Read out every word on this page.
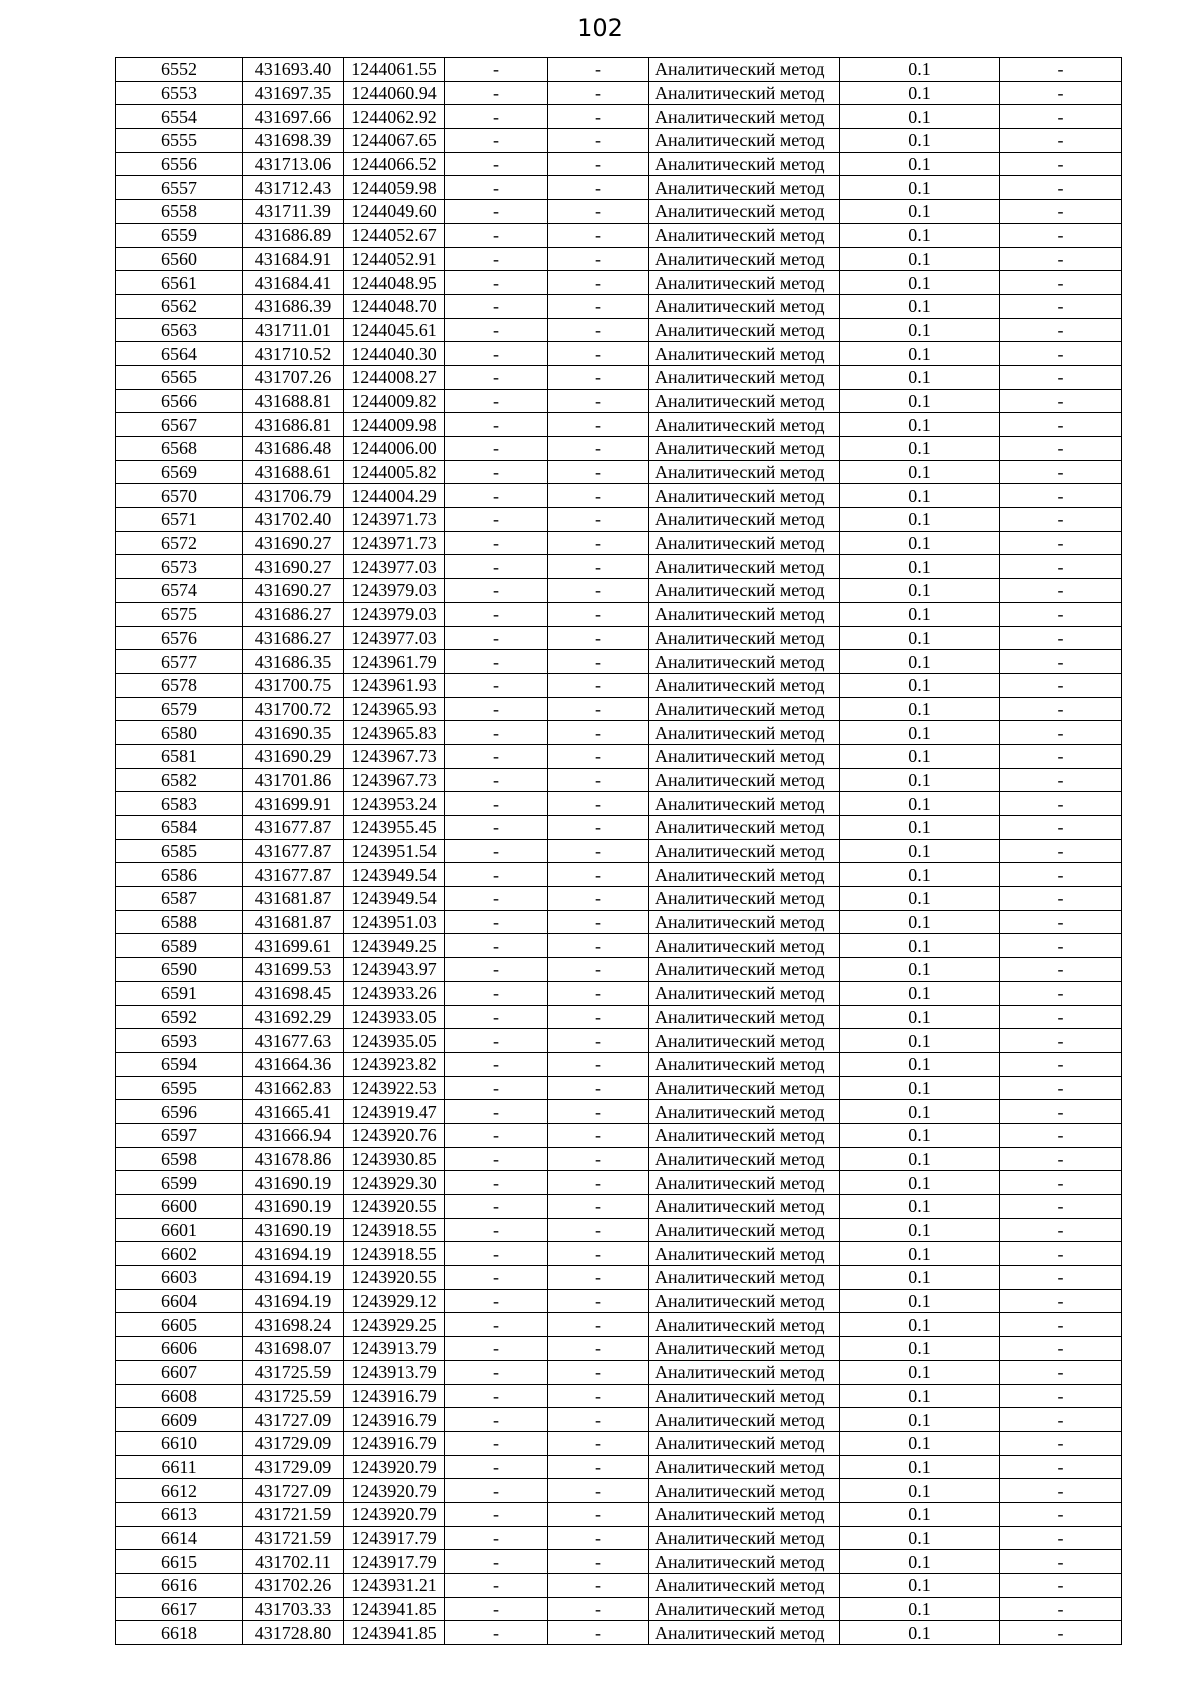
102
6552	431693.40	1244061.55	-	-	Аналитический метод	0.1	-
6553	431697.35	1244060.94	-	-	Аналитический метод	0.1	-
6554	431697.66	1244062.92	-	-	Аналитический метод	0.1	-
6555	431698.39	1244067.65	-	-	Аналитический метод	0.1	-
6556	431713.06	1244066.52	-	-	Аналитический метод	0.1	-
6557	431712.43	1244059.98	-	-	Аналитический метод	0.1	-
6558	431711.39	1244049.60	-	-	Аналитический метод	0.1	-
6559	431686.89	1244052.67	-	-	Аналитический метод	0.1	-
6560	431684.91	1244052.91	-	-	Аналитический метод	0.1	-
6561	431684.41	1244048.95	-	-	Аналитический метод	0.1	-
6562	431686.39	1244048.70	-	-	Аналитический метод	0.1	-
6563	431711.01	1244045.61	-	-	Аналитический метод	0.1	-
6564	431710.52	1244040.30	-	-	Аналитический метод	0.1	-
6565	431707.26	1244008.27	-	-	Аналитический метод	0.1	-
6566	431688.81	1244009.82	-	-	Аналитический метод	0.1	-
6567	431686.81	1244009.98	-	-	Аналитический метод	0.1	-
6568	431686.48	1244006.00	-	-	Аналитический метод	0.1	-
6569	431688.61	1244005.82	-	-	Аналитический метод	0.1	-
6570	431706.79	1244004.29	-	-	Аналитический метод	0.1	-
6571	431702.40	1243971.73	-	-	Аналитический метод	0.1	-
6572	431690.27	1243971.73	-	-	Аналитический метод	0.1	-
6573	431690.27	1243977.03	-	-	Аналитический метод	0.1	-
6574	431690.27	1243979.03	-	-	Аналитический метод	0.1	-
6575	431686.27	1243979.03	-	-	Аналитический метод	0.1	-
6576	431686.27	1243977.03	-	-	Аналитический метод	0.1	-
6577	431686.35	1243961.79	-	-	Аналитический метод	0.1	-
6578	431700.75	1243961.93	-	-	Аналитический метод	0.1	-
6579	431700.72	1243965.93	-	-	Аналитический метод	0.1	-
6580	431690.35	1243965.83	-	-	Аналитический метод	0.1	-
6581	431690.29	1243967.73	-	-	Аналитический метод	0.1	-
6582	431701.86	1243967.73	-	-	Аналитический метод	0.1	-
6583	431699.91	1243953.24	-	-	Аналитический метод	0.1	-
6584	431677.87	1243955.45	-	-	Аналитический метод	0.1	-
6585	431677.87	1243951.54	-	-	Аналитический метод	0.1	-
6586	431677.87	1243949.54	-	-	Аналитический метод	0.1	-
6587	431681.87	1243949.54	-	-	Аналитический метод	0.1	-
6588	431681.87	1243951.03	-	-	Аналитический метод	0.1	-
6589	431699.61	1243949.25	-	-	Аналитический метод	0.1	-
6590	431699.53	1243943.97	-	-	Аналитический метод	0.1	-
6591	431698.45	1243933.26	-	-	Аналитический метод	0.1	-
6592	431692.29	1243933.05	-	-	Аналитический метод	0.1	-
6593	431677.63	1243935.05	-	-	Аналитический метод	0.1	-
6594	431664.36	1243923.82	-	-	Аналитический метод	0.1	-
6595	431662.83	1243922.53	-	-	Аналитический метод	0.1	-
6596	431665.41	1243919.47	-	-	Аналитический метод	0.1	-
6597	431666.94	1243920.76	-	-	Аналитический метод	0.1	-
6598	431678.86	1243930.85	-	-	Аналитический метод	0.1	-
6599	431690.19	1243929.30	-	-	Аналитический метод	0.1	-
6600	431690.19	1243920.55	-	-	Аналитический метод	0.1	-
6601	431690.19	1243918.55	-	-	Аналитический метод	0.1	-
6602	431694.19	1243918.55	-	-	Аналитический метод	0.1	-
6603	431694.19	1243920.55	-	-	Аналитический метод	0.1	-
6604	431694.19	1243929.12	-	-	Аналитический метод	0.1	-
6605	431698.24	1243929.25	-	-	Аналитический метод	0.1	-
6606	431698.07	1243913.79	-	-	Аналитический метод	0.1	-
6607	431725.59	1243913.79	-	-	Аналитический метод	0.1	-
6608	431725.59	1243916.79	-	-	Аналитический метод	0.1	-
6609	431727.09	1243916.79	-	-	Аналитический метод	0.1	-
6610	431729.09	1243916.79	-	-	Аналитический метод	0.1	-
6611	431729.09	1243920.79	-	-	Аналитический метод	0.1	-
6612	431727.09	1243920.79	-	-	Аналитический метод	0.1	-
6613	431721.59	1243920.79	-	-	Аналитический метод	0.1	-
6614	431721.59	1243917.79	-	-	Аналитический метод	0.1	-
6615	431702.11	1243917.79	-	-	Аналитический метод	0.1	-
6616	431702.26	1243931.21	-	-	Аналитический метод	0.1	-
6617	431703.33	1243941.85	-	-	Аналитический метод	0.1	-
6618	431728.80	1243941.85	-	-	Аналитический метод	0.1	-
